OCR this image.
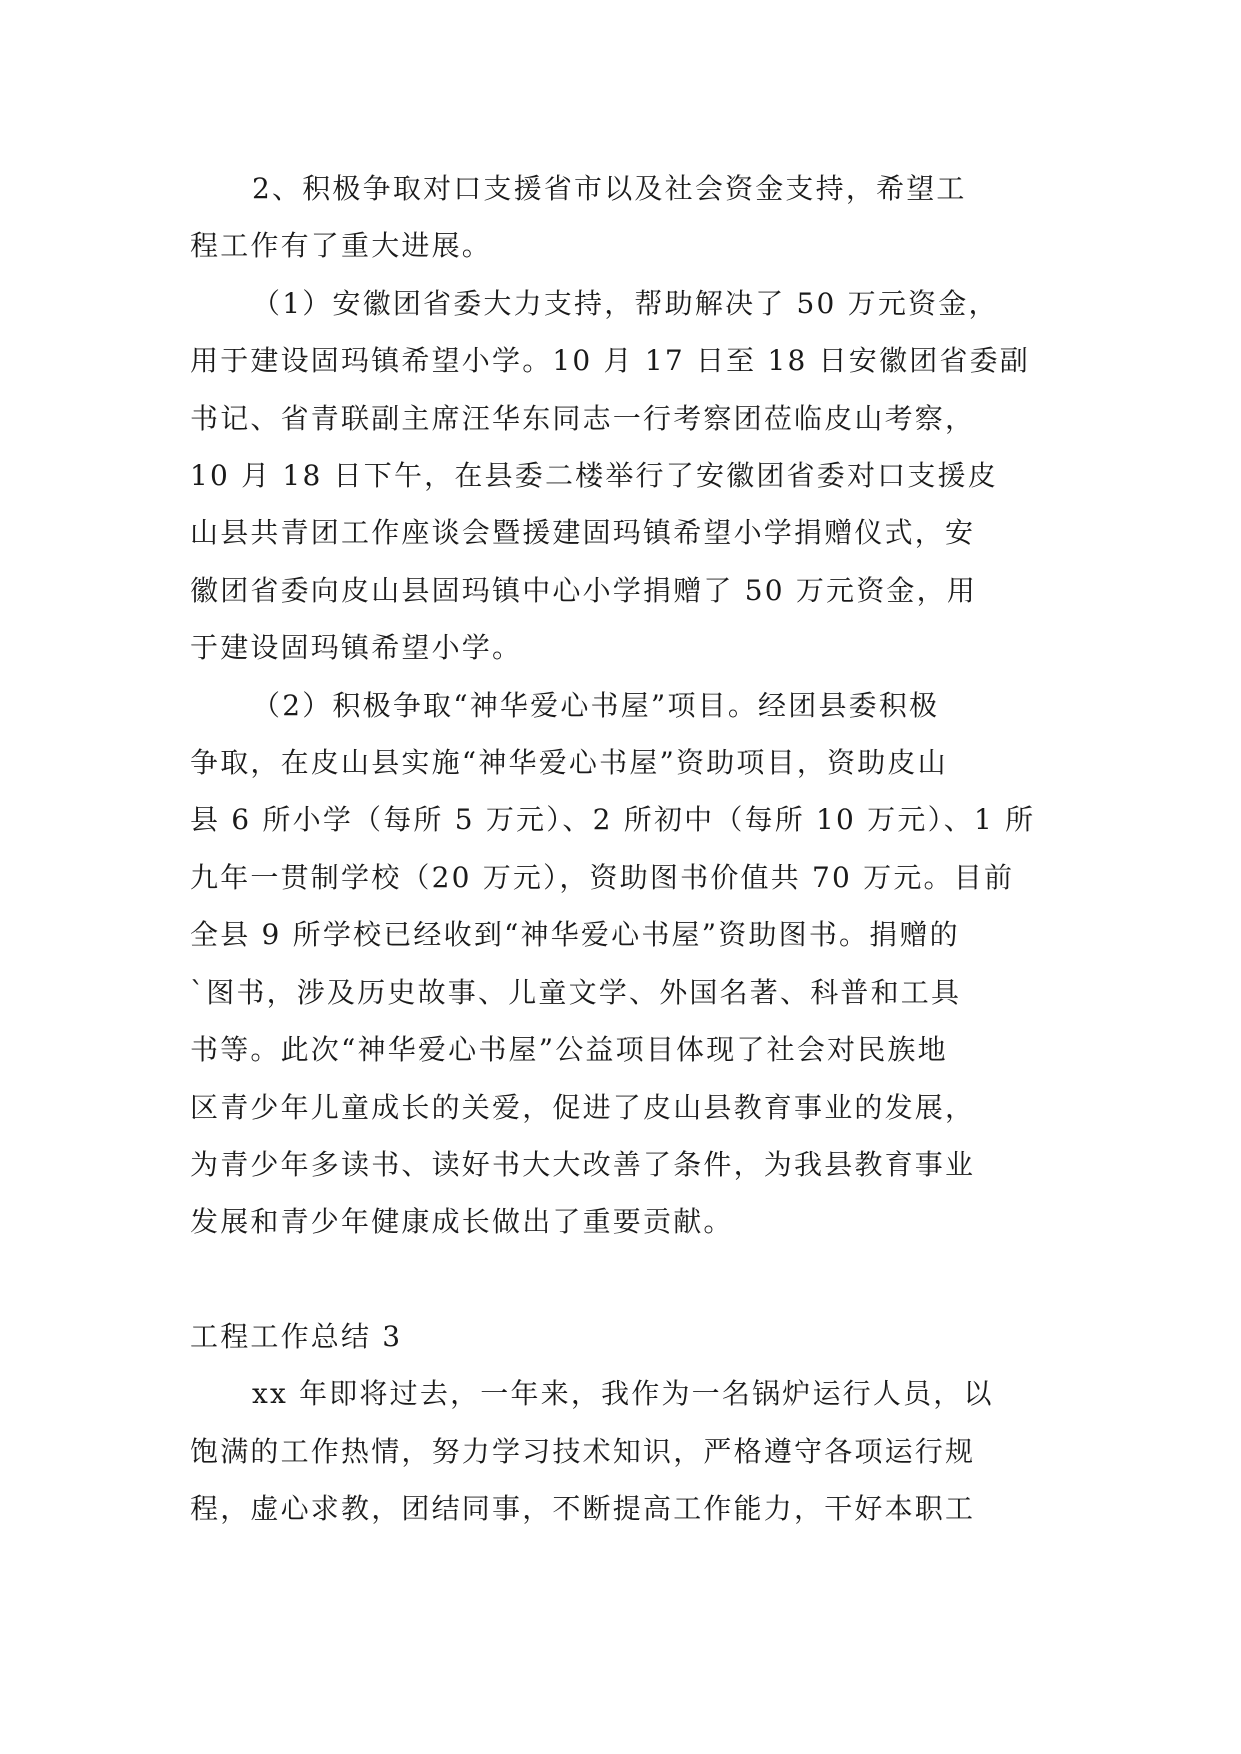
2、积极争取对口支援省市以及社会资金支持，希望工
程工作有了重大进展。

（1）安徽团省委大力支持，帮助解决了 50 万元资金，
用于建设固玛镇希望小学。10 月 17 日至 18 日安徽团省委副
书记、省青联副主席汪华东同志一行考察团莅临皮山考察，
10 月 18 日下午，在县委二楼举行了安徽团省委对口支援皮
山县共青团工作座谈会暨援建固玛镇希望小学捐赠仪式，安
徽团省委向皮山县固玛镇中心小学捐赠了 50 万元资金，用
于建设固玛镇希望小学。

（2）积极争取“神华爱心书屋”项目。经团县委积极
争取，在皮山县实施“神华爱心书屋”资助项目，资助皮山
县 6 所小学（每所 5 万元）、2 所初中（每所 10 万元）、1 所
九年一贯制学校（20 万元），资助图书价值共 70 万元。目前
全县 9 所学校已经收到“神华爱心书屋”资助图书。捐赠的
`图书，涉及历史故事、儿童文学、外国名著、科普和工具
书等。此次“神华爱心书屋”公益项目体现了社会对民族地
区青少年儿童成长的关爱，促进了皮山县教育事业的发展，
为青少年多读书、读好书大大改善了条件，为我县教育事业
发展和青少年健康成长做出了重要贡献。

工程工作总结 3

xx 年即将过去，一年来，我作为一名锅炉运行人员，以
饱满的工作热情，努力学习技术知识，严格遵守各项运行规
程，虚心求教，团结同事，不断提高工作能力，干好本职工
